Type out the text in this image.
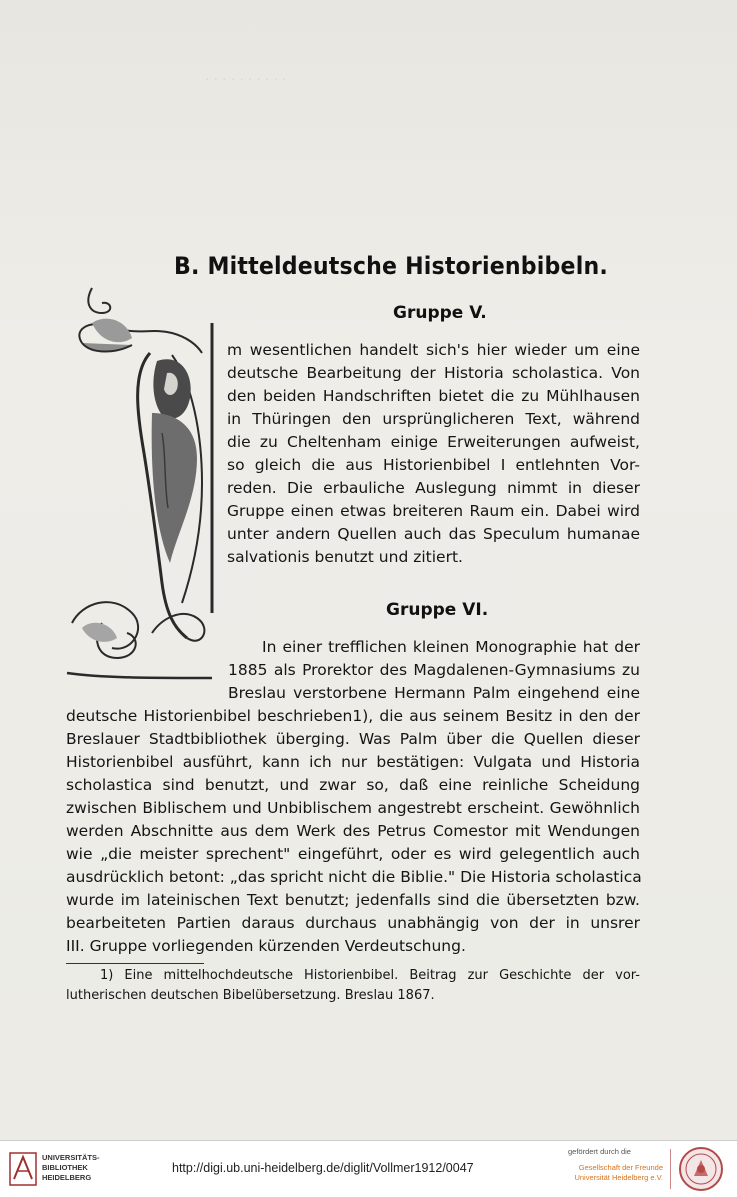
· · · · · · · · · ·
B. Mitteldeutsche Historienbibeln.
Gruppe V.
m wesentlichen handelt sich's hier wieder um eine
deutsche Bearbeitung der Historia scholastica. Von
den beiden Handschriften bietet die zu Mühlhausen
in Thüringen den ursprünglicheren Text, während
die zu Cheltenham einige Erweiterungen aufweist,
so gleich die aus Historienbibel I entlehnten Vor-
reden. Die erbauliche Auslegung nimmt in dieser
Gruppe einen etwas breiteren Raum ein. Dabei wird
unter andern Quellen auch das Speculum humanae
salvationis benutzt und zitiert.
Gruppe VI.
In einer trefflichen kleinen Monographie hat der
1885 als Prorektor des Magdalenen-Gymnasiums zu
Breslau verstorbene Hermann Palm eingehend eine
deutsche Historienbibel beschrieben1), die aus seinem Besitz in den der
Breslauer Stadtbibliothek überging. Was Palm über die Quellen dieser
Historienbibel ausführt, kann ich nur bestätigen: Vulgata und Historia
scholastica sind benutzt, und zwar so, daß eine reinliche Scheidung
zwischen Biblischem und Unbiblischem angestrebt erscheint. Gewöhnlich
werden Abschnitte aus dem Werk des Petrus Comestor mit Wendungen
wie „die meister sprechent" eingeführt, oder es wird gelegentlich auch
ausdrücklich betont: „das spricht nicht die Biblie." Die Historia scholastica
wurde im lateinischen Text benutzt; jedenfalls sind die übersetzten bzw.
bearbeiteten Partien daraus durchaus unabhängig von der in unsrer
III. Gruppe vorliegenden kürzenden Verdeutschung.
1) Eine mittelhochdeutsche Historienbibel. Beitrag zur Geschichte der vor-
lutherischen deutschen Bibelübersetzung. Breslau 1867.
UNIVERSITÄTS-
BIBLIOTHEK
HEIDELBERG
http://digi.ub.uni-heidelberg.de/diglit/Vollmer1912/0047
gefördert durch die
Gesellschaft der Freunde
Universität Heidelberg e.V.
